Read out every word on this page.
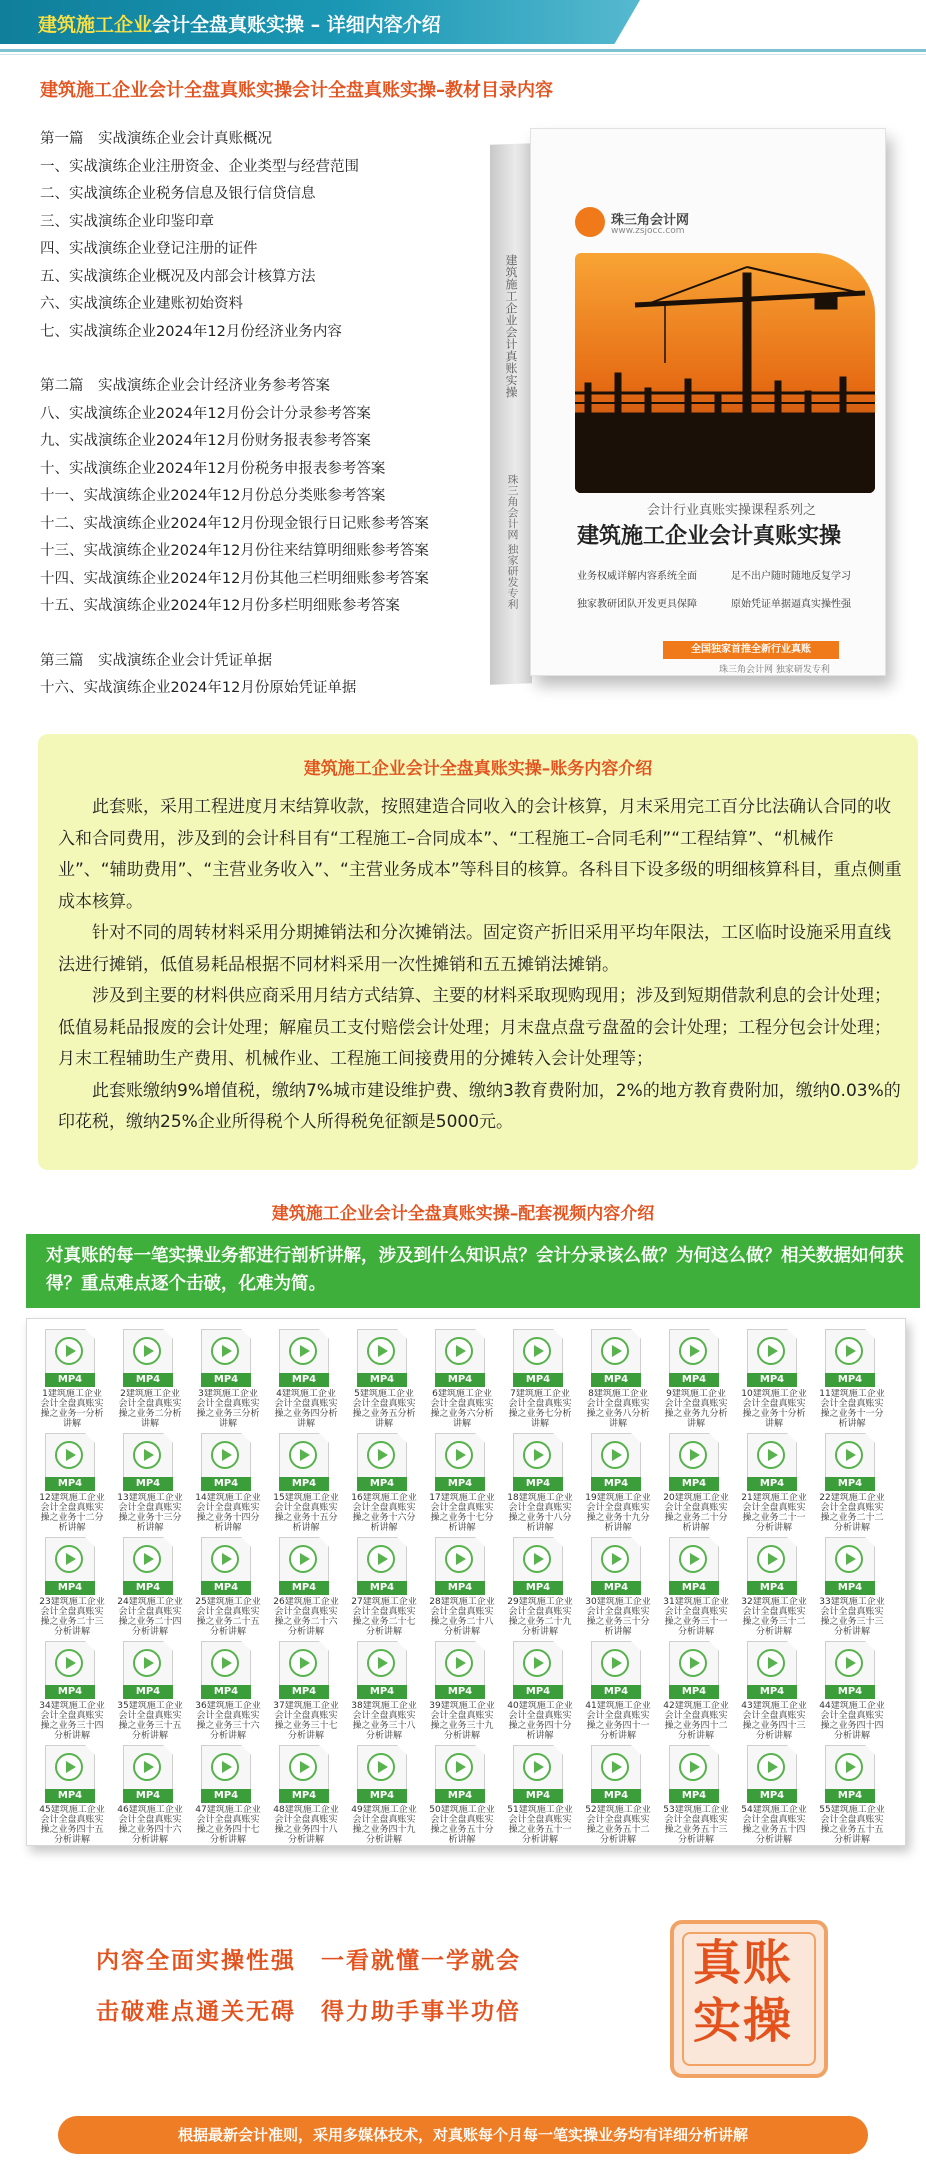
建筑施工企业会计全盘真账实操 – 详细内容介绍
建筑施工企业会计全盘真账实操会计全盘真账实操–教材目录内容
第一篇　实战演练企业会计真账概况
一、实战演练企业注册资金、企业类型与经营范围
二、实战演练企业税务信息及银行信贷信息
三、实战演练企业印鉴印章
四、实战演练企业登记注册的证件
五、实战演练企业概况及内部会计核算方法
六、实战演练企业建账初始资料
七、实战演练企业2024年12月份经济业务内容
第二篇　实战演练企业会计经济业务参考答案
八、实战演练企业2024年12月份会计分录参考答案
九、实战演练企业2024年12月份财务报表参考答案
十、实战演练企业2024年12月份税务申报表参考答案
十一、实战演练企业2024年12月份总分类账参考答案
十二、实战演练企业2024年12月份现金银行日记账参考答案
十三、实战演练企业2024年12月份往来结算明细账参考答案
十四、实战演练企业2024年12月份其他三栏明细账参考答案
十五、实战演练企业2024年12月份多栏明细账参考答案
第三篇　实战演练企业会计凭证单据
十六、实战演练企业2024年12月份原始凭证单据
建筑施工企业会计真账实操
珠三角会计网 独家研发专利
珠三角会计网
www.zsjocc.com
会计行业真账实操课程系列之
建筑施工企业会计真账实操
业务权威详解内容系统全面	足不出户随时随地反复学习
独家教研团队开发更具保障	原始凭证单据逼真实操性强
全国独家首推全新行业真账
珠三角会计网 独家研发专利
建筑施工企业会计全盘真账实操–账务内容介绍

此套账，采用工程进度月末结算收款，按照建造合同收入的会计核算，月末采用完工百分比法确认合同的收入和合同费用，涉及到的会计科目有“工程施工–合同成本”、“工程施工–合同毛利”“工程结算”、“机械作业”、“辅助费用”、“主营业务收入”、“主营业务成本”等科目的核算。各科目下设多级的明细核算科目，重点侧重成本核算。

针对不同的周转材料采用分期摊销法和分次摊销法。固定资产折旧采用平均年限法，工区临时设施采用直线法进行摊销，低值易耗品根据不同材料采用一次性摊销和五五摊销法摊销。

涉及到主要的材料供应商采用月结方式结算、主要的材料采取现购现用；涉及到短期借款利息的会计处理；低值易耗品报废的会计处理；解雇员工支付赔偿会计处理；月末盘点盘亏盘盈的会计处理；工程分包会计处理；月末工程辅助生产费用、机械作业、工程施工间接费用的分摊转入会计处理等；

此套账缴纳9%增值税，缴纳7%城市建设维护费、缴纳3教育费附加，2%的地方教育费附加，缴纳0.03%的印花税，缴纳25%企业所得税个人所得税免征额是5000元。

建筑施工企业会计全盘真账实操–配套视频内容介绍
对真账的每一笔实操业务都进行剖析讲解，涉及到什么知识点？会计分录该么做？为何这么做？相关数据如何获得？重点难点逐个击破，化难为简。
MP4
1建筑施工企业会计全盘真账实操之业务一分析讲解
MP4
2建筑施工企业会计全盘真账实操之业务二分析讲解
MP4
3建筑施工企业会计全盘真账实操之业务三分析讲解
MP4
4建筑施工企业会计全盘真账实操之业务四分析讲解
MP4
5建筑施工企业会计全盘真账实操之业务五分析讲解
MP4
6建筑施工企业会计全盘真账实操之业务六分析讲解
MP4
7建筑施工企业会计全盘真账实操之业务七分析讲解
MP4
8建筑施工企业会计全盘真账实操之业务八分析讲解
MP4
9建筑施工企业会计全盘真账实操之业务九分析讲解
MP4
10建筑施工企业会计全盘真账实操之业务十分析讲解
MP4
11建筑施工企业会计全盘真账实操之业务十一分析讲解
MP4
12建筑施工企业会计全盘真账实操之业务十二分析讲解
MP4
13建筑施工企业会计全盘真账实操之业务十三分析讲解
MP4
14建筑施工企业会计全盘真账实操之业务十四分析讲解
MP4
15建筑施工企业会计全盘真账实操之业务十五分析讲解
MP4
16建筑施工企业会计全盘真账实操之业务十六分析讲解
MP4
17建筑施工企业会计全盘真账实操之业务十七分析讲解
MP4
18建筑施工企业会计全盘真账实操之业务十八分析讲解
MP4
19建筑施工企业会计全盘真账实操之业务十九分析讲解
MP4
20建筑施工企业会计全盘真账实操之业务二十分析讲解
MP4
21建筑施工企业会计全盘真账实操之业务二十一分析讲解
MP4
22建筑施工企业会计全盘真账实操之业务二十二分析讲解
MP4
23建筑施工企业会计全盘真账实操之业务二十三分析讲解
MP4
24建筑施工企业会计全盘真账实操之业务二十四分析讲解
MP4
25建筑施工企业会计全盘真账实操之业务二十五分析讲解
MP4
26建筑施工企业会计全盘真账实操之业务二十六分析讲解
MP4
27建筑施工企业会计全盘真账实操之业务二十七分析讲解
MP4
28建筑施工企业会计全盘真账实操之业务二十八分析讲解
MP4
29建筑施工企业会计全盘真账实操之业务二十九分析讲解
MP4
30建筑施工企业会计全盘真账实操之业务三十分析讲解
MP4
31建筑施工企业会计全盘真账实操之业务三十一分析讲解
MP4
32建筑施工企业会计全盘真账实操之业务三十二分析讲解
MP4
33建筑施工企业会计全盘真账实操之业务三十三分析讲解
MP4
34建筑施工企业会计全盘真账实操之业务三十四分析讲解
MP4
35建筑施工企业会计全盘真账实操之业务三十五分析讲解
MP4
36建筑施工企业会计全盘真账实操之业务三十六分析讲解
MP4
37建筑施工企业会计全盘真账实操之业务三十七分析讲解
MP4
38建筑施工企业会计全盘真账实操之业务三十八分析讲解
MP4
39建筑施工企业会计全盘真账实操之业务三十九分析讲解
MP4
40建筑施工企业会计全盘真账实操之业务四十分析讲解
MP4
41建筑施工企业会计全盘真账实操之业务四十一分析讲解
MP4
42建筑施工企业会计全盘真账实操之业务四十二分析讲解
MP4
43建筑施工企业会计全盘真账实操之业务四十三分析讲解
MP4
44建筑施工企业会计全盘真账实操之业务四十四分析讲解
MP4
45建筑施工企业会计全盘真账实操之业务四十五分析讲解
MP4
46建筑施工企业会计全盘真账实操之业务四十六分析讲解
MP4
47建筑施工企业会计全盘真账实操之业务四十七分析讲解
MP4
48建筑施工企业会计全盘真账实操之业务四十八分析讲解
MP4
49建筑施工企业会计全盘真账实操之业务四十九分析讲解
MP4
50建筑施工企业会计全盘真账实操之业务五十分析讲解
MP4
51建筑施工企业会计全盘真账实操之业务五十一分析讲解
MP4
52建筑施工企业会计全盘真账实操之业务五十二分析讲解
MP4
53建筑施工企业会计全盘真账实操之业务五十三分析讲解
MP4
54建筑施工企业会计全盘真账实操之业务五十四分析讲解
MP4
55建筑施工企业会计全盘真账实操之业务五十五分析讲解
内容全面实操性强　一看就懂一学就会
击破难点通关无碍　得力助手事半功倍
真账实操
根据最新会计准则，采用多媒体技术，对真账每个月每一笔实操业务均有详细分析讲解
